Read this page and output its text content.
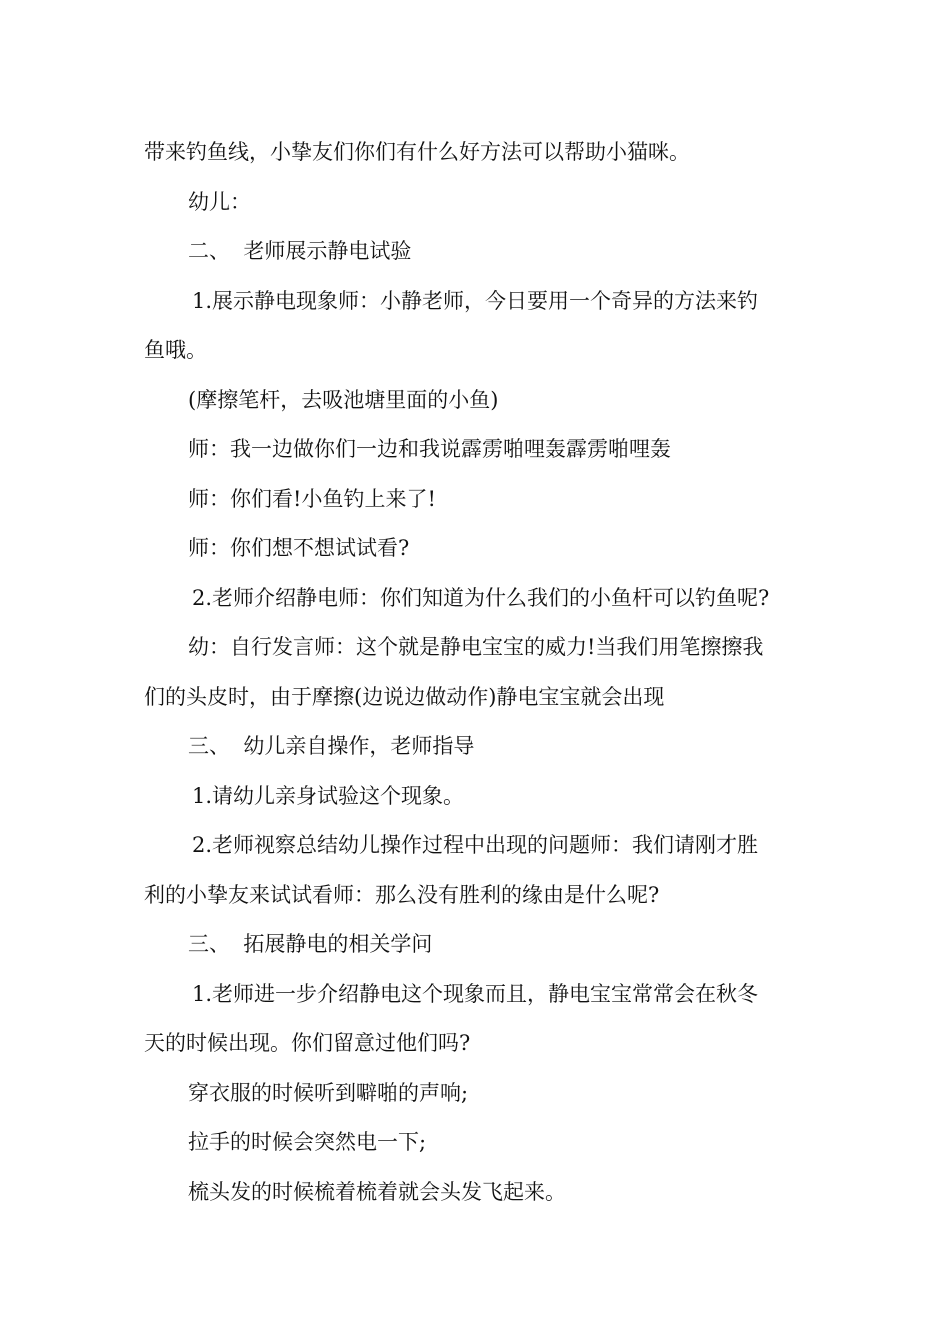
带来钓鱼线，小挚友们你们有什么好方法可以帮助小猫咪。

幼儿：

二、  老师展示静电试验

1.展示静电现象师：小静老师，今日要用一个奇异的方法来钓

鱼哦。

(摩擦笔杆，去吸池塘里面的小鱼)

师：我一边做你们一边和我说霹雳啪哩轰霹雳啪哩轰

师：你们看!小鱼钓上来了!

师：你们想不想试试看?

2.老师介绍静电师：你们知道为什么我们的小鱼杆可以钓鱼呢?

幼：自行发言师：这个就是静电宝宝的威力!当我们用笔擦擦我

们的头皮时，由于摩擦(边说边做动作)静电宝宝就会出现

三、  幼儿亲自操作，老师指导

1.请幼儿亲身试验这个现象。

2.老师视察总结幼儿操作过程中出现的问题师：我们请刚才胜

利的小挚友来试试看师：那么没有胜利的缘由是什么呢?

三、  拓展静电的相关学问

1.老师进一步介绍静电这个现象而且，静电宝宝常常会在秋冬

天的时候出现。你们留意过他们吗?

穿衣服的时候听到噼啪的声响;

拉手的时候会突然电一下;

梳头发的时候梳着梳着就会头发飞起来。
